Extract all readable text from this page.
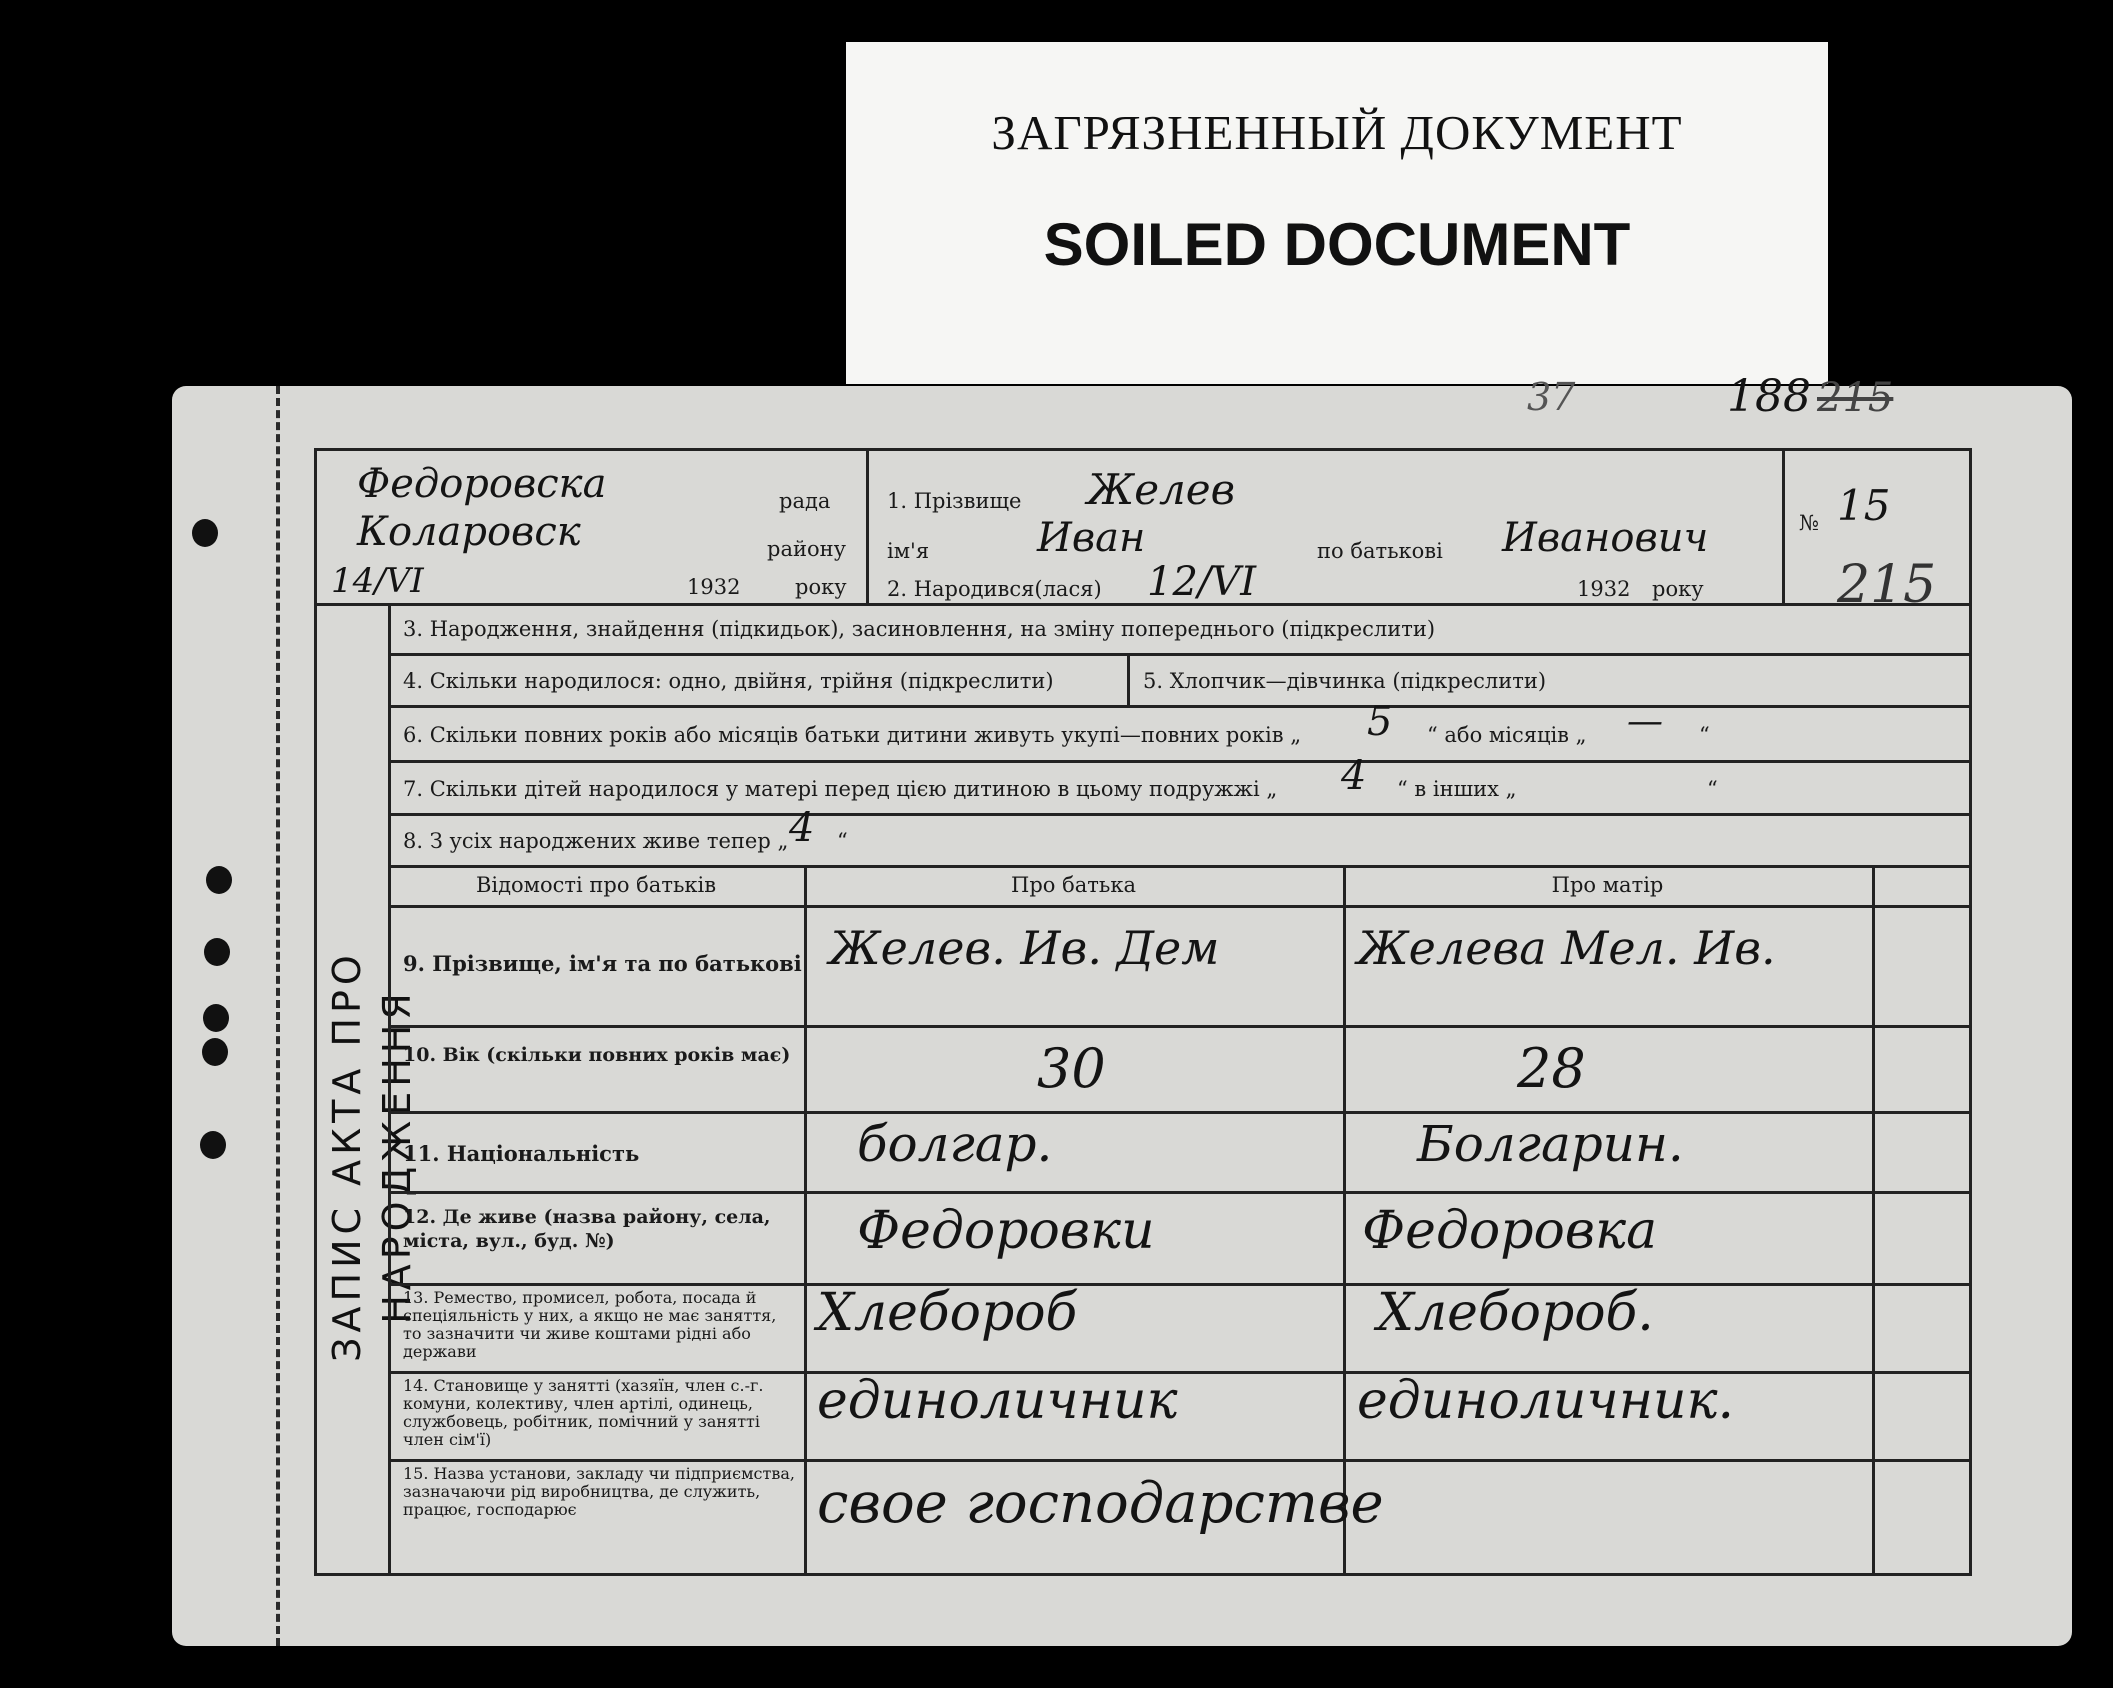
ЗАГРЯЗНЕННЫЙ ДОКУМЕНТ
SOILED DOCUMENT
ЗАПИС АКТА ПРО НАРОДЖЕННЯ
Федоровска	рада
Коларовск	району
14/VI	1932	року
1. Прізвище Желев
ім'я	Иван	по батькові Иванович
2. Народився(лася) 12/VI	1932 року
№ 15
37	188 215
215
3. Народження, знайдення (підкидьок), засиновлення, на зміну попереднього (підкреслити)
4. Скільки народилося: одно, двійня, трійня (підкреслити)	5. Хлопчик—дівчинка (підкреслити)
6. Скільки повних років або місяців батьки дитини живуть укупі—повних років „ 5 “ або місяців „ — “
7. Скільки дітей народилося у матері перед цією дитиною в цьому подружжі „ 4 “ в інших „	“
8. З усіх народжених живе тепер „ 4 “
Відомості про батьків	Про батька	Про матір
9. Прізвище, ім'я та по батькові Желев. Ив. Дем	Желева Мел. Ив.
10. Вік (скільки повних років має)	30	28
11. Національність	болгар.	Болгарин.
12. Де живе (назва району, села, міста, вул., буд. №)	Федоровки	Федоровка
13. Ремество, промисел, робота, посада й спеціяльність у них, а якщо не має заняття, то зазначити чи живе коштами рідні або держави
Хлебороб	Хлебороб.
14. Становище у занятті (хазяїн, член с.-г. комуни, колективу, член артілі, одинець, службовець, робітник, помічний у занятті член сім'ї)
единоличник	единоличник.
15. Назва установи, закладу чи підприємства, зазначаючи рід виробництва, де служить, працює, господарює	свое господарстве
